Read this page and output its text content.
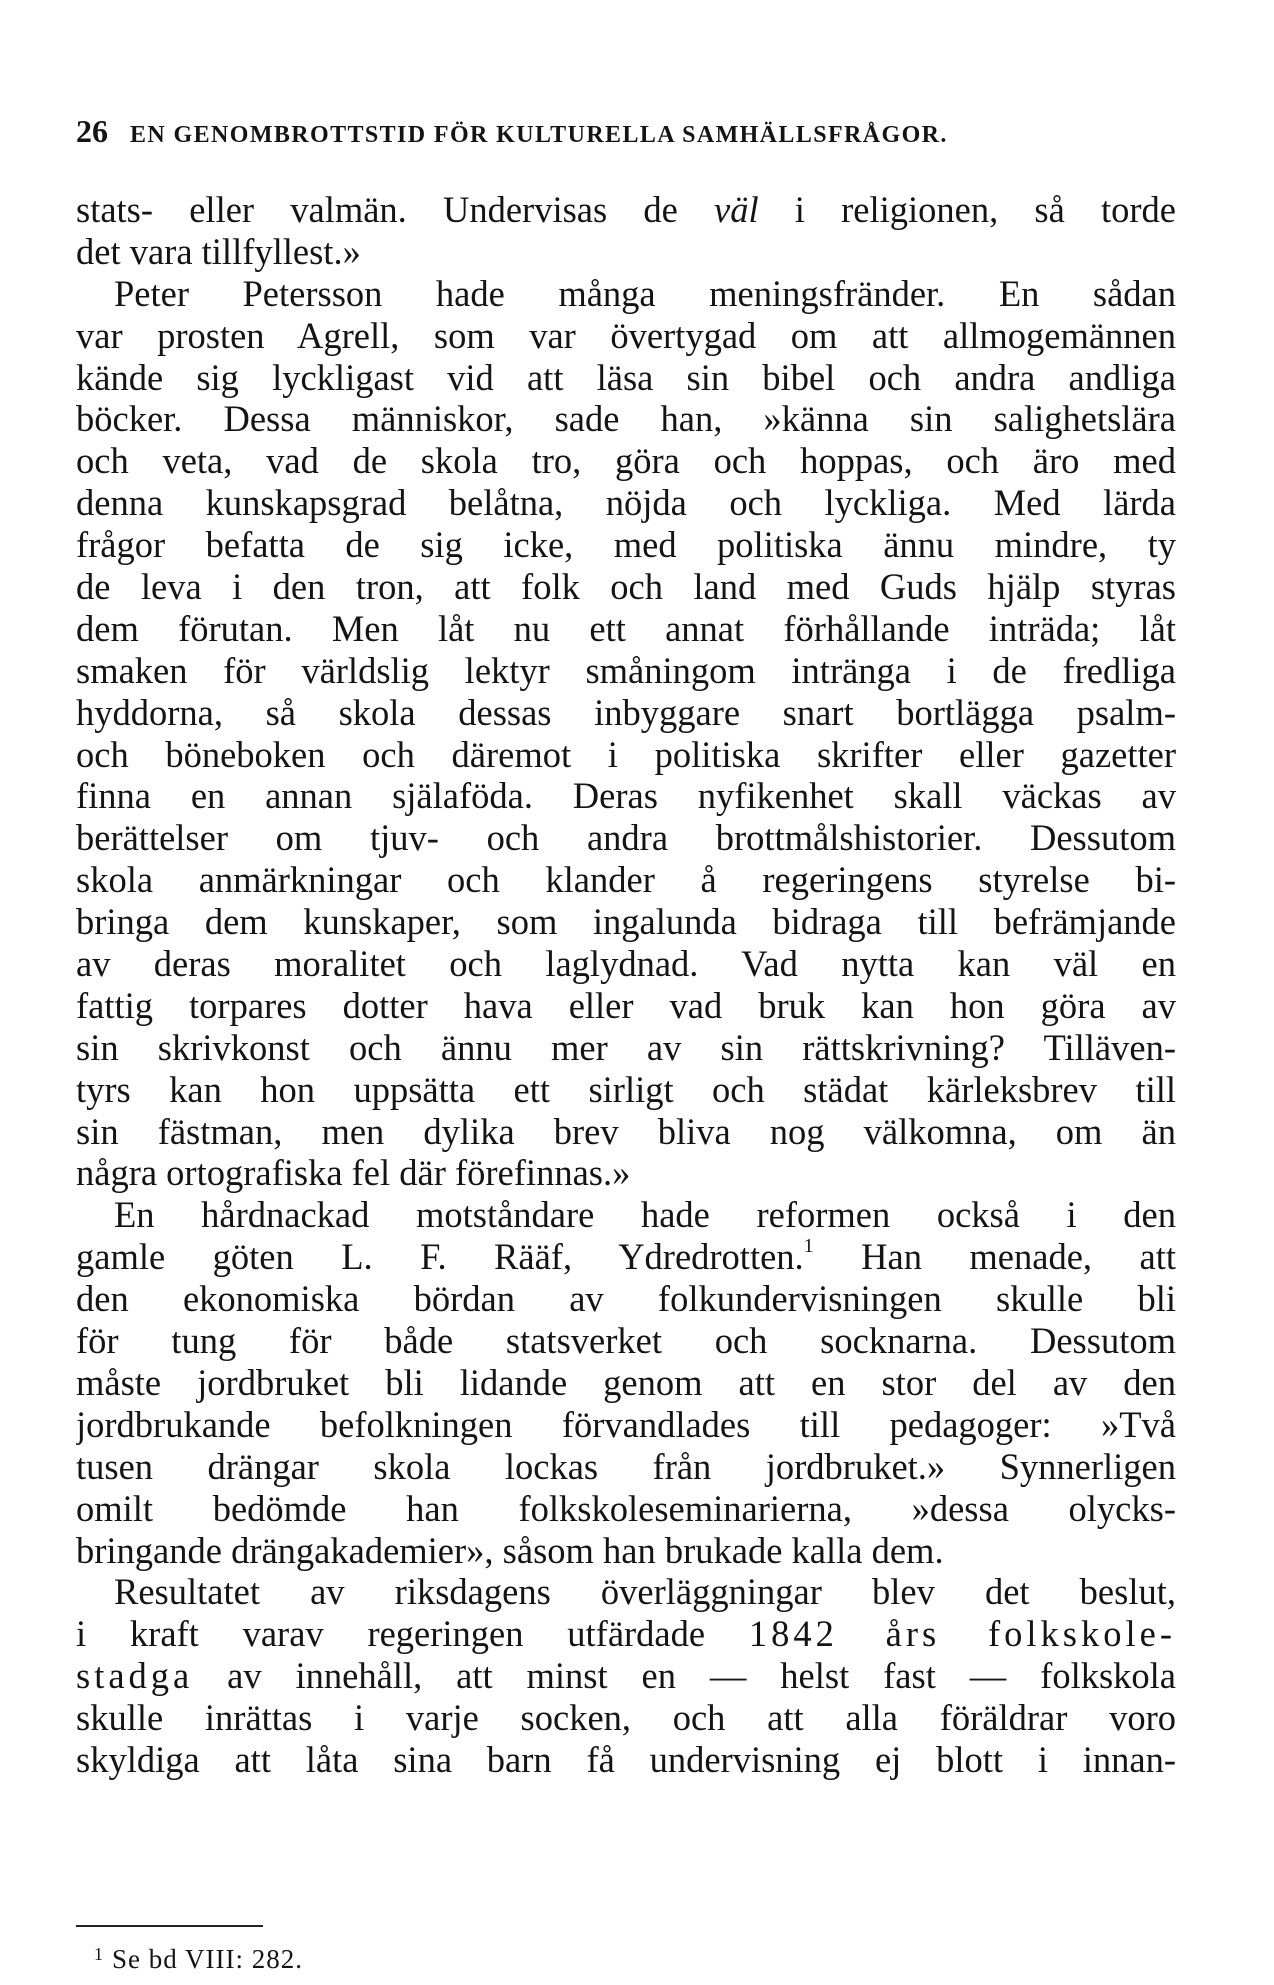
26 EN GENOMBROTTSTID FÖR KULTURELLA SAMHÄLLSFRÅGOR.
stats- eller valmän. Undervisas de väl i religionen, så torde
det vara tillfyllest.»
Peter Petersson hade många meningsfränder. En sådan
var prosten Agrell, som var övertygad om att allmogemännen
kände sig lyckligast vid att läsa sin bibel och andra andliga
böcker. Dessa människor, sade han, »känna sin salighetslära
och veta, vad de skola tro, göra och hoppas, och äro med
denna kunskapsgrad belåtna, nöjda och lyckliga. Med lärda
frågor befatta de sig icke, med politiska ännu mindre, ty
de leva i den tron, att folk och land med Guds hjälp styras
dem förutan. Men låt nu ett annat förhållande inträda; låt
smaken för världslig lektyr småningom intränga i de fredliga
hyddorna, så skola dessas inbyggare snart bortlägga psalm-
och böneboken och däremot i politiska skrifter eller gazetter
finna en annan själaföda. Deras nyfikenhet skall väckas av
berättelser om tjuv- och andra brottmålshistorier. Dessutom
skola anmärkningar och klander å regeringens styrelse bi-
bringa dem kunskaper, som ingalunda bidraga till befrämjande
av deras moralitet och laglydnad. Vad nytta kan väl en
fattig torpares dotter hava eller vad bruk kan hon göra av
sin skrivkonst och ännu mer av sin rättskrivning? Tilläven-
tyrs kan hon uppsätta ett sirligt och städat kärleksbrev till
sin fästman, men dylika brev bliva nog välkomna, om än
några ortografiska fel där förefinnas.»
En hårdnackad motståndare hade reformen också i den
gamle göten L. F. Rääf, Ydredrotten.$^1$ Han menade, att
den ekonomiska bördan av folkundervisningen skulle bli
för tung för både statsverket och socknarna. Dessutom
måste jordbruket bli lidande genom att en stor del av den
jordbrukande befolkningen förvandlades till pedagoger: »Två
tusen drängar skola lockas från jordbruket.» Synnerligen
omilt bedömde han folkskoleseminarierna, »dessa olycks-
bringande drängakademier», såsom han brukade kalla dem.
Resultatet av riksdagens överläggningar blev det beslut,
i kraft varav regeringen utfärdade 1842 års folkskole-
stadga av innehåll, att minst en — helst fast — folkskola
skulle inrättas i varje socken, och att alla föräldrar voro
skyldiga att låta sina barn få undervisning ej blott i innan-
$^1$ Se bd VIII: 282.
